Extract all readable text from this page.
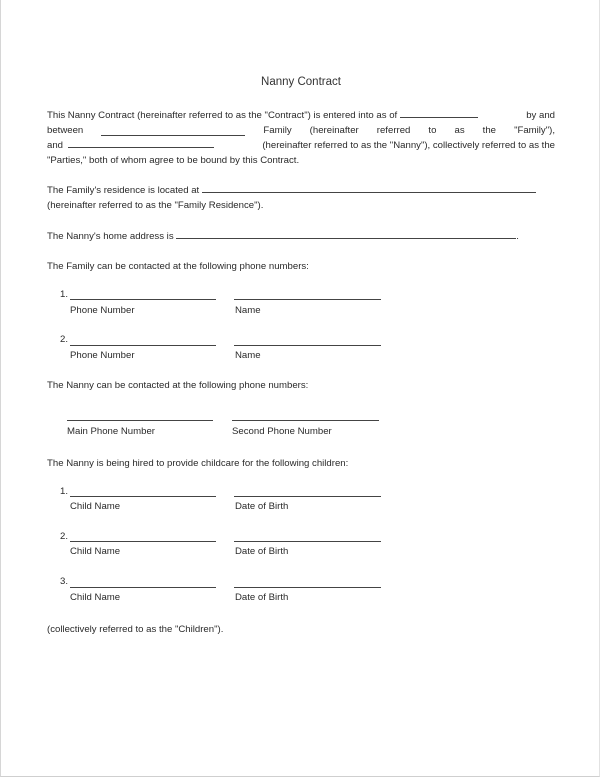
Nanny Contract
This Nanny Contract (hereinafter referred to as the "Contract") is entered into as of	by and
between	Family (hereinafter referred to as the "Family"),
and	(hereinafter referred to as the "Nanny"), collectively referred to as the
"Parties," both of whom agree to be bound by this Contract.
The Family's residence is located at
(hereinafter referred to as the "Family Residence").
The Nanny's home address is	.
The Family can be contacted at the following phone numbers:
1.
Phone Number	Name
2.
Phone Number	Name
The Nanny can be contacted at the following phone numbers:
Main Phone Number	Second Phone Number
The Nanny is being hired to provide childcare for the following children:
1.
Child Name	Date of Birth
2.
Child Name	Date of Birth
3.
Child Name	Date of Birth
(collectively referred to as the "Children").
